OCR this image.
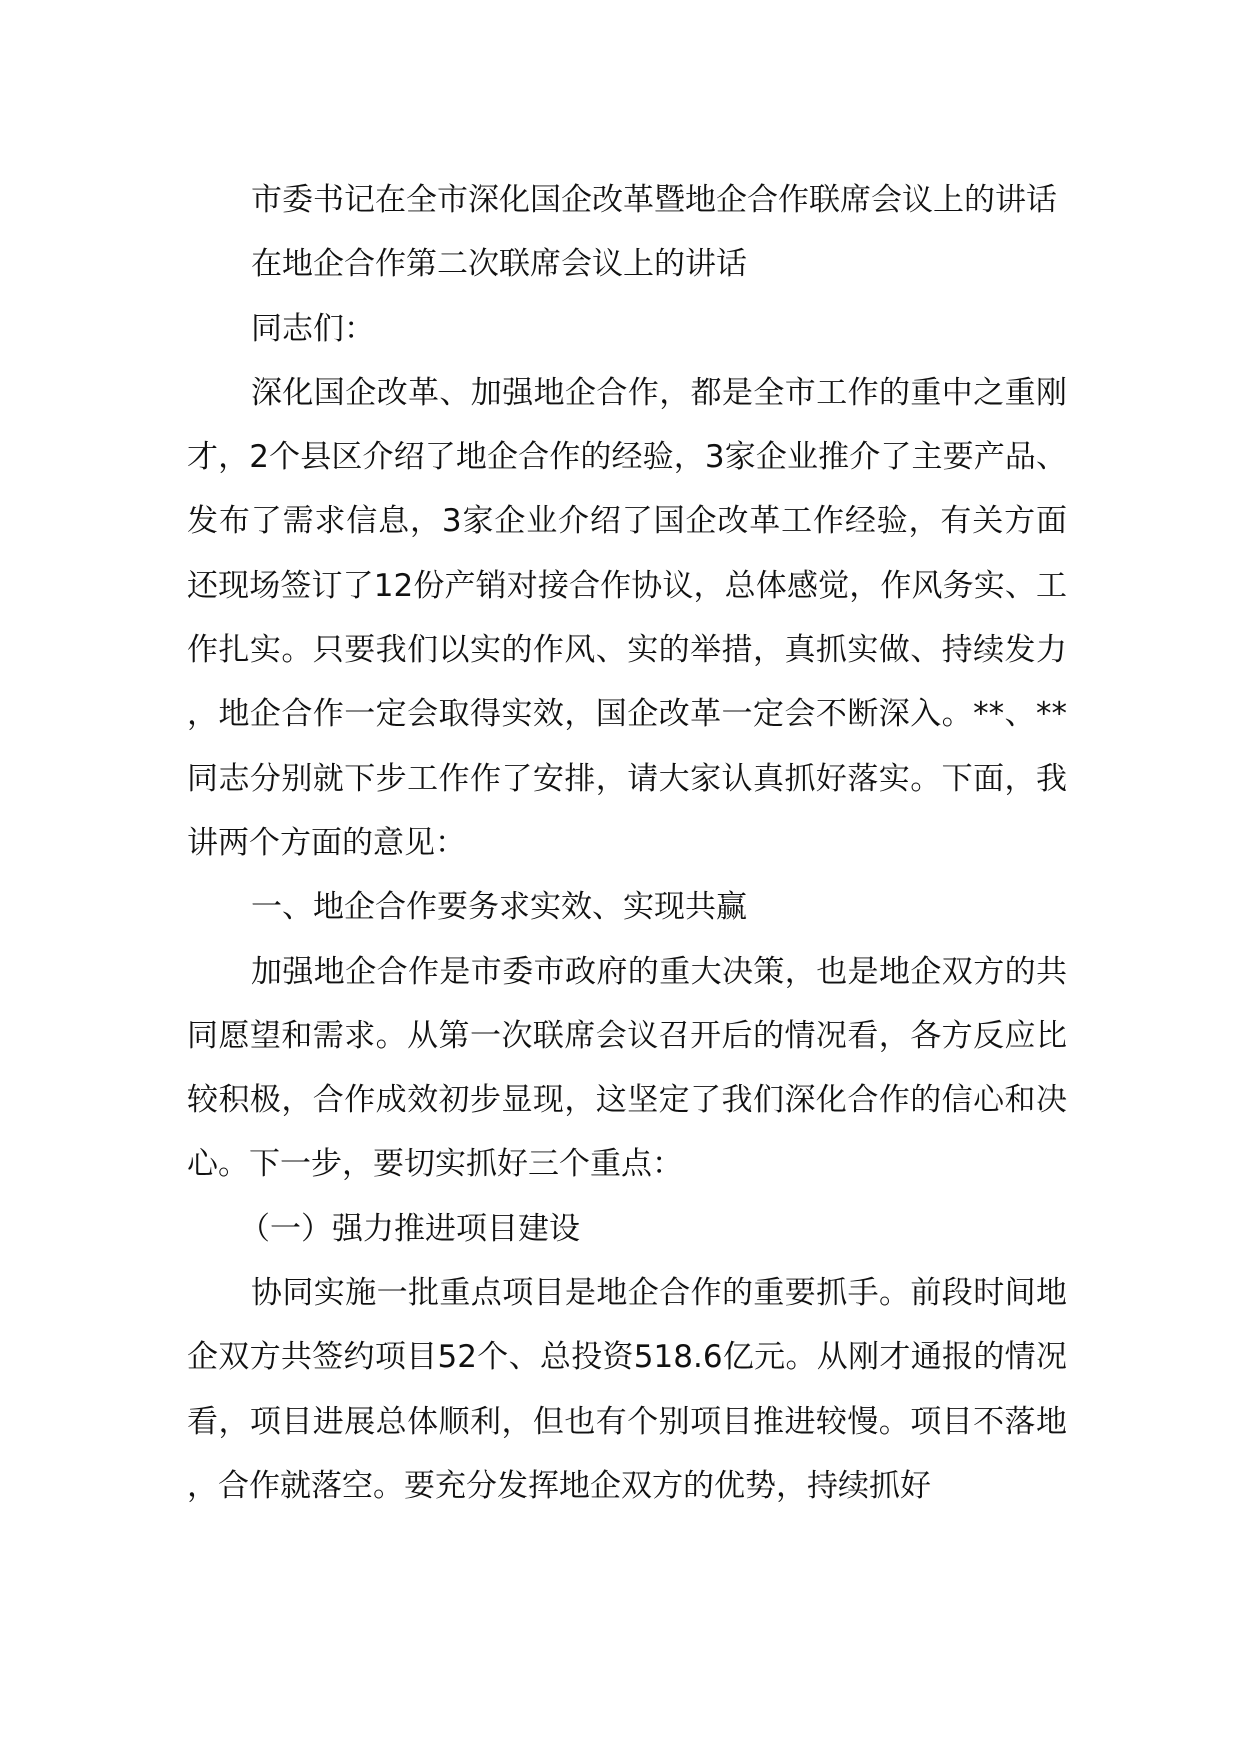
市委书记在全市深化国企改革暨地企合作联席会议上的讲话

在地企合作第二次联席会议上的讲话

同志们：

深化国企改革、加强地企合作，都是全市工作的重中之重刚才，2个县区介绍了地企合作的经验，3家企业推介了主要产品、发布了需求信息，3家企业介绍了国企改革工作经验，有关方面还现场签订了12份产销对接合作协议，总体感觉，作风务实、工作扎实。只要我们以实的作风、实的举措，真抓实做、持续发力，地企合作一定会取得实效，国企改革一定会不断深入。**、**同志分别就下步工作作了安排，请大家认真抓好落实。下面，我讲两个方面的意见：

一、地企合作要务求实效、实现共赢

加强地企合作是市委市政府的重大决策，也是地企双方的共同愿望和需求。从第一次联席会议召开后的情况看，各方反应比较积极，合作成效初步显现，这坚定了我们深化合作的信心和决心。下一步，要切实抓好三个重点：

（一）强力推进项目建设

协同实施一批重点项目是地企合作的重要抓手。前段时间地企双方共签约项目52个、总投资518.6亿元。从刚才通报的情况看，项目进展总体顺利，但也有个别项目推进较慢。项目不落地，合作就落空。要充分发挥地企双方的优势，持续抓好
